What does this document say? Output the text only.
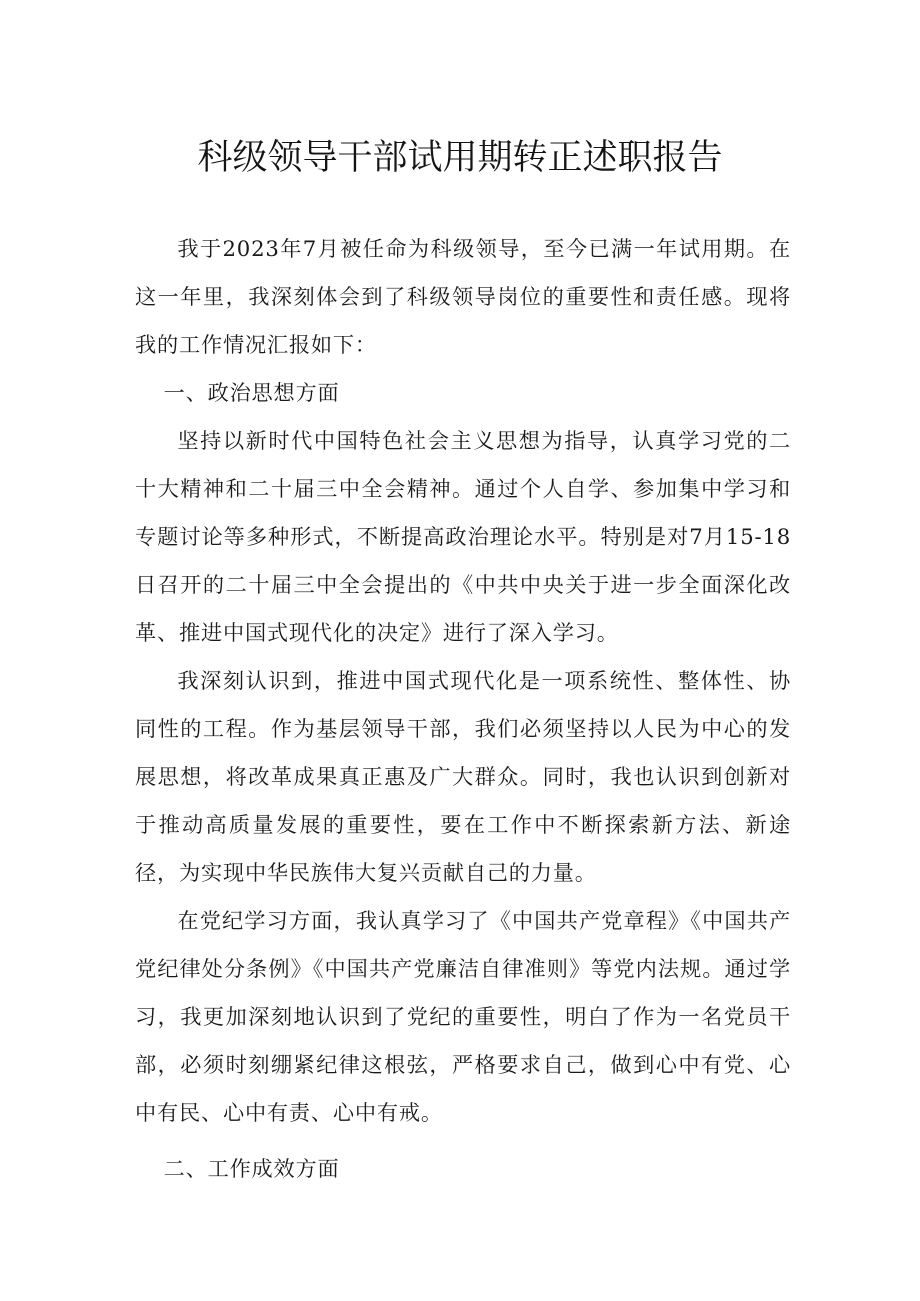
科级领导干部试用期转正述职报告

我于2023年7月被任命为科级领导，至今已满一年试用期。在这一年里，我深刻体会到了科级领导岗位的重要性和责任感。现将我的工作情况汇报如下：

一、政治思想方面

坚持以新时代中国特色社会主义思想为指导，认真学习党的二十大精神和二十届三中全会精神。通过个人自学、参加集中学习和专题讨论等多种形式，不断提高政治理论水平。特别是对7月15-18日召开的二十届三中全会提出的《中共中央关于进一步全面深化改革、推进中国式现代化的决定》进行了深入学习。

我深刻认识到，推进中国式现代化是一项系统性、整体性、协同性的工程。作为基层领导干部，我们必须坚持以人民为中心的发展思想，将改革成果真正惠及广大群众。同时，我也认识到创新对于推动高质量发展的重要性，要在工作中不断探索新方法、新途径，为实现中华民族伟大复兴贡献自己的力量。

在党纪学习方面，我认真学习了《中国共产党章程》《中国共产党纪律处分条例》《中国共产党廉洁自律准则》等党内法规。通过学习，我更加深刻地认识到了党纪的重要性，明白了作为一名党员干部，必须时刻绷紧纪律这根弦，严格要求自己，做到心中有党、心中有民、心中有责、心中有戒。

二、工作成效方面
